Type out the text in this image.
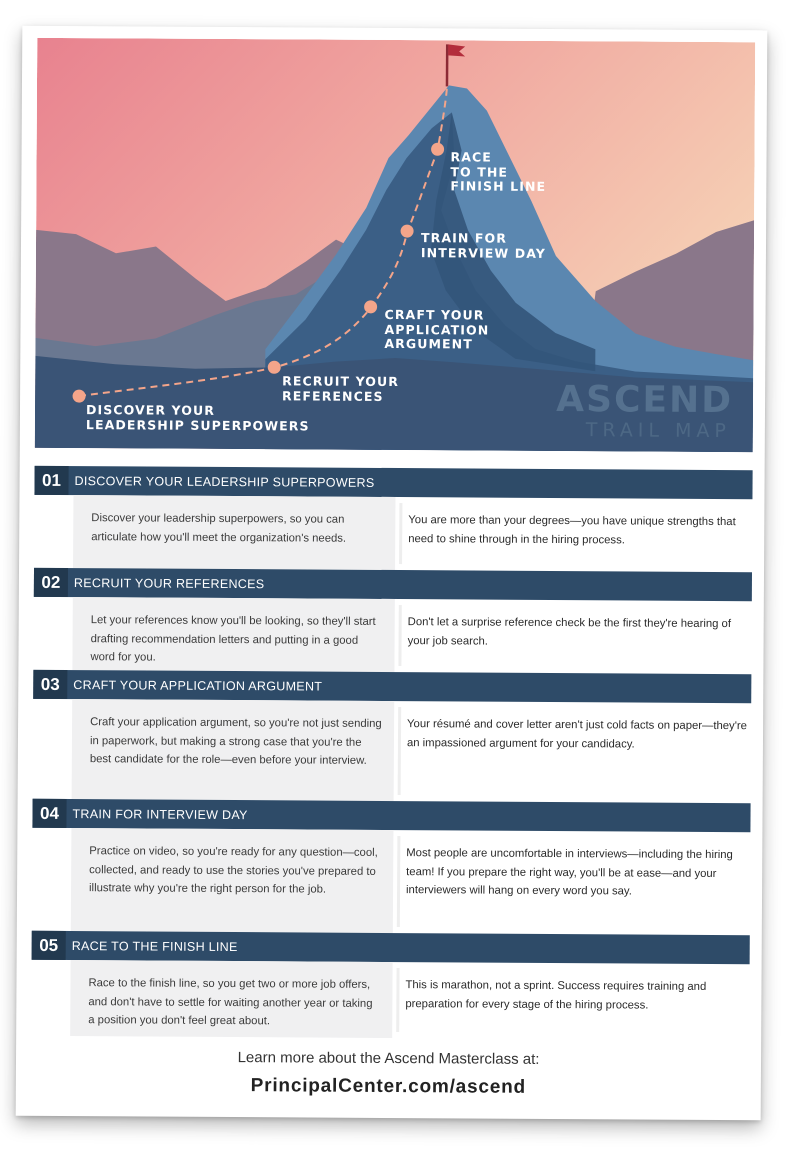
DISCOVER YOUR
LEADERSHIP SUPERPOWERS
RECRUIT YOUR
REFERENCES
CRAFT YOUR
APPLICATION
ARGUMENT
TRAIN FOR
INTERVIEW DAY
RACE
TO THE
FINISH LINE
ASCEND
TRAIL MAP
01	DISCOVER YOUR LEADERSHIP SUPERPOWERS
Discover your leadership superpowers, so you can articulate how you'll meet the organization's needs.
You are more than your degrees—you have unique strengths that need to shine through in the hiring process.
02	RECRUIT YOUR REFERENCES
Let your references know you'll be looking, so they'll start drafting recommendation letters and putting in a good word for you.
Don't let a surprise reference check be the first they're hearing of your job search.
03	CRAFT YOUR APPLICATION ARGUMENT
Craft your application argument, so you're not just sending in paperwork, but making a strong case that you're the best candidate for the role—even before your interview.
Your résumé and cover letter aren't just cold facts on paper—they're an impassioned argument for your candidacy.
04	TRAIN FOR INTERVIEW DAY
Practice on video, so you're ready for any question—cool, collected, and ready to use the stories you've prepared to illustrate why you're the right person for the job.
Most people are uncomfortable in interviews—including the hiring team! If you prepare the right way, you'll be at ease—and your interviewers will hang on every word you say.
05	RACE TO THE FINISH LINE
Race to the finish line, so you get two or more job offers, and don't have to settle for waiting another year or taking a position you don't feel great about.
This is marathon, not a sprint. Success requires training and preparation for every stage of the hiring process.
Learn more about the Ascend Masterclass at:
PrincipalCenter.com/ascend
